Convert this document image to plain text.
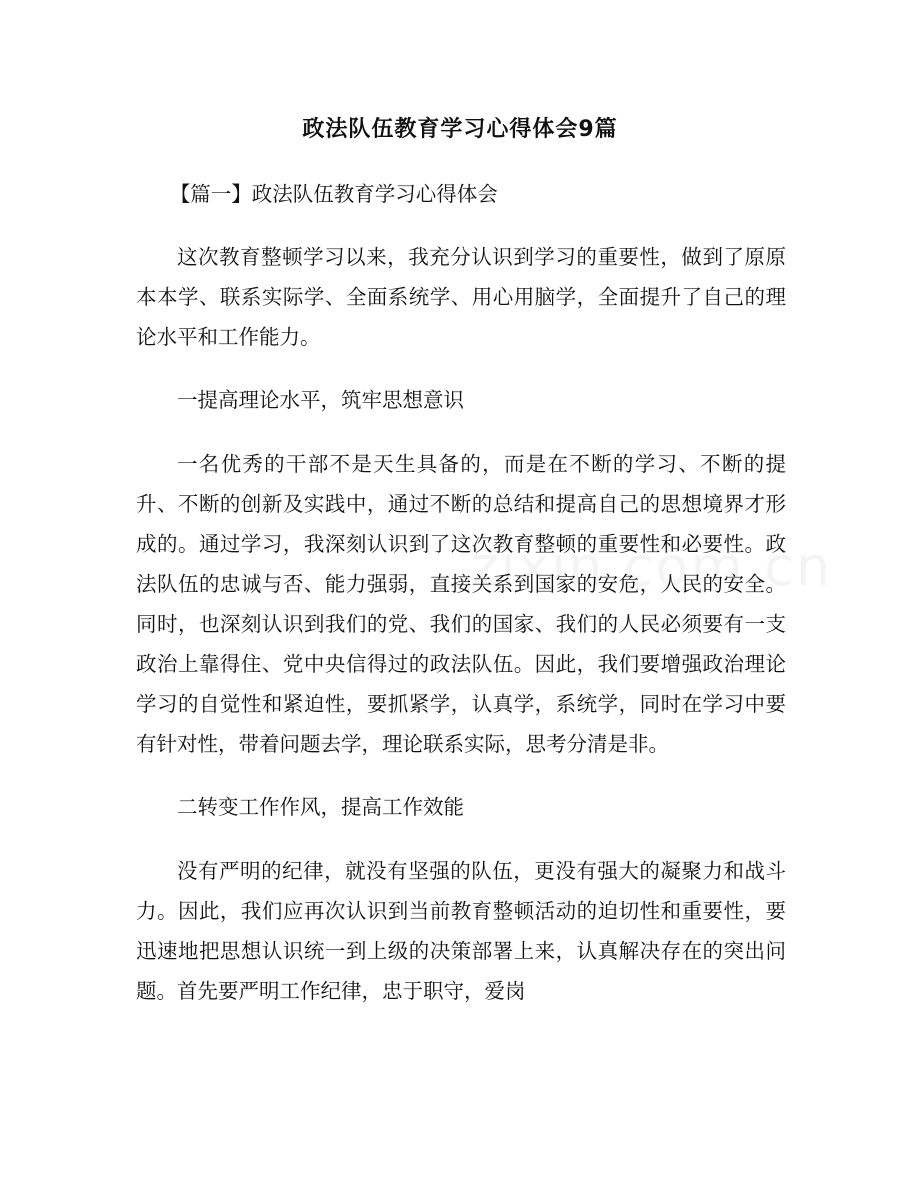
政法队伍教育学习心得体会9篇

【篇一】政法队伍教育学习心得体会

这次教育整顿学习以来，我充分认识到学习的重要性，做到了原原本本学、联系实际学、全面系统学、用心用脑学，全面提升了自己的理论水平和工作能力。

一提高理论水平，筑牢思想意识

一名优秀的干部不是天生具备的，而是在不断的学习、不断的提升、不断的创新及实践中，通过不断的总结和提高自己的思想境界才形成的。通过学习，我深刻认识到了这次教育整顿的重要性和必要性。政法队伍的忠诚与否、能力强弱，直接关系到国家的安危，人民的安全。同时，也深刻认识到我们的党、我们的国家、我们的人民必须要有一支政治上靠得住、党中央信得过的政法队伍。因此，我们要增强政治理论学习的自觉性和紧迫性，要抓紧学，认真学，系统学，同时在学习中要有针对性，带着问题去学，理论联系实际，思考分清是非。

二转变工作作风，提高工作效能

没有严明的纪律，就没有坚强的队伍，更没有强大的凝聚力和战斗力。因此，我们应再次认识到当前教育整顿活动的迫切性和重要性，要迅速地把思想认识统一到上级的决策部署上来，认真解决存在的突出问题。首先要严明工作纪律，忠于职守，爱岗
